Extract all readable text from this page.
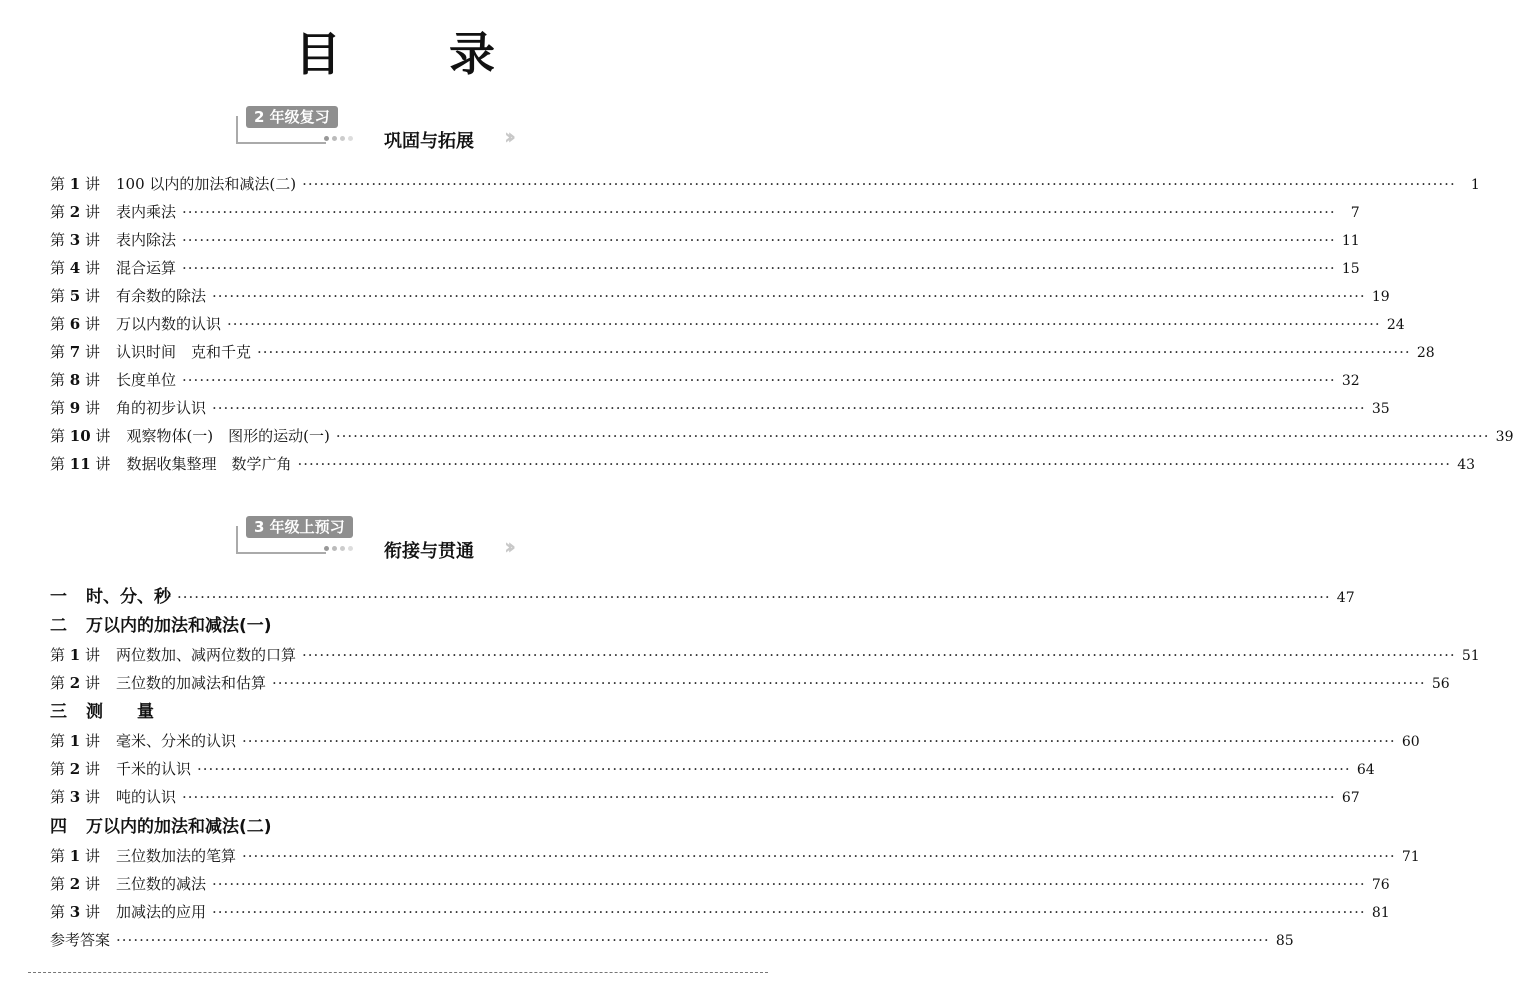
目 录
2 年级复习
巩固与拓展 ››
第 1 讲 100 以内的加法和减法(二) ········································································································································································································	1
第 2 讲 表内乘法 ········································································································································································································	7
第 3 讲 表内除法 ········································································································································································································ 11
第 4 讲 混合运算 ········································································································································································································ 15
第 5 讲 有余数的除法 ········································································································································································································ 19
第 6 讲 万以内数的认识 ········································································································································································································ 24
第 7 讲 认识时间　克和千克 ········································································································································································································ 28
第 8 讲 长度单位 ········································································································································································································ 32
第 9 讲 角的初步认识 ········································································································································································································ 35
第 10 讲 观察物体(一)　图形的运动(一) ········································································································································································································ 39
第 11 讲 数据收集整理　数学广角 ········································································································································································································ 43
3 年级上预习
衔接与贯通 ››
一 时、分、秒 ········································································································································································································ 47
二 万以内的加法和减法(一)
第 1 讲 两位数加、减两位数的口算 ········································································································································································································ 51
第 2 讲 三位数的加减法和估算 ········································································································································································································ 56
三 测　　量
第 1 讲 毫米、分米的认识 ········································································································································································································ 60
第 2 讲 千米的认识 ········································································································································································································ 64
第 3 讲 吨的认识 ········································································································································································································ 67
四 万以内的加法和减法(二)
第 1 讲 三位数加法的笔算 ········································································································································································································ 71
第 2 讲 三位数的减法 ········································································································································································································ 76
第 3 讲 加减法的应用 ········································································································································································································ 81
参考答案 ········································································································································································································ 85
